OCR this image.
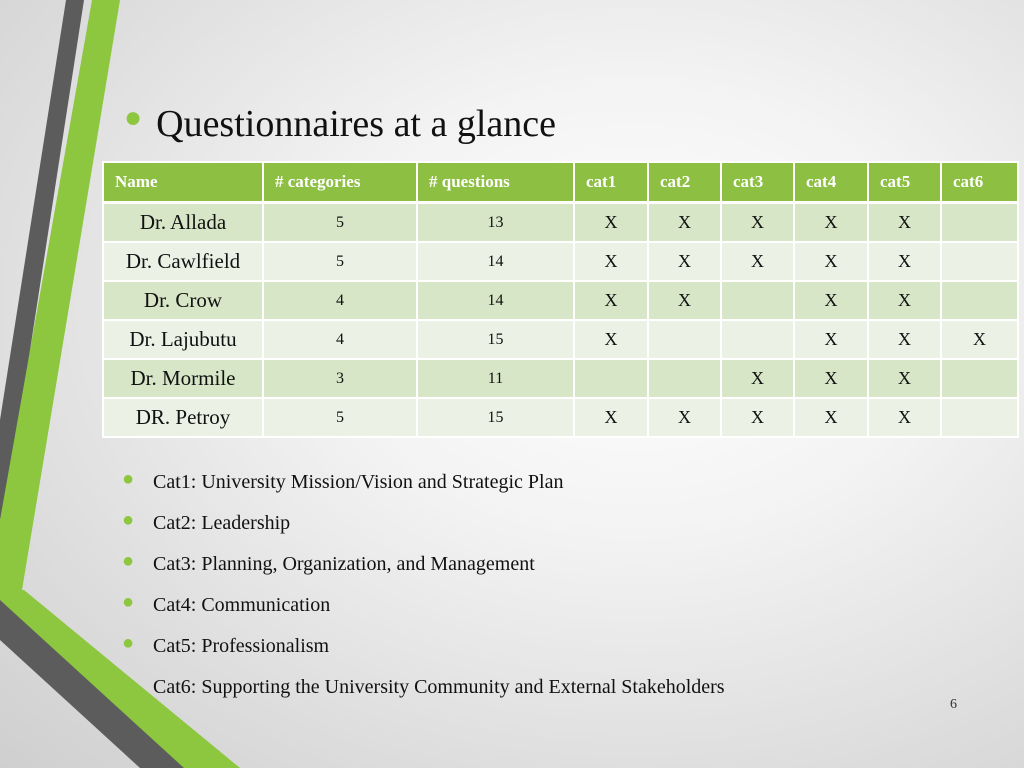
● Questionnaires at a glance
Name	# categories	# questions	cat1	cat2	cat3	cat4	cat5	cat6
Dr. Allada	5	13	X	X	X	X	X	
Dr. Cawlfield	5	14	X	X	X	X	X	
Dr. Crow	4	14	X	X		X	X	
Dr. Lajubutu	4	15	X			X	X	X
Dr. Mormile	3	11			X	X	X	
DR. Petroy	5	15	X	X	X	X	X	
● Cat1: University Mission/Vision and Strategic Plan
● Cat2: Leadership
● Cat3: Planning, Organization, and Management
● Cat4: Communication
● Cat5: Professionalism
Cat6: Supporting the University Community and External Stakeholders
6
